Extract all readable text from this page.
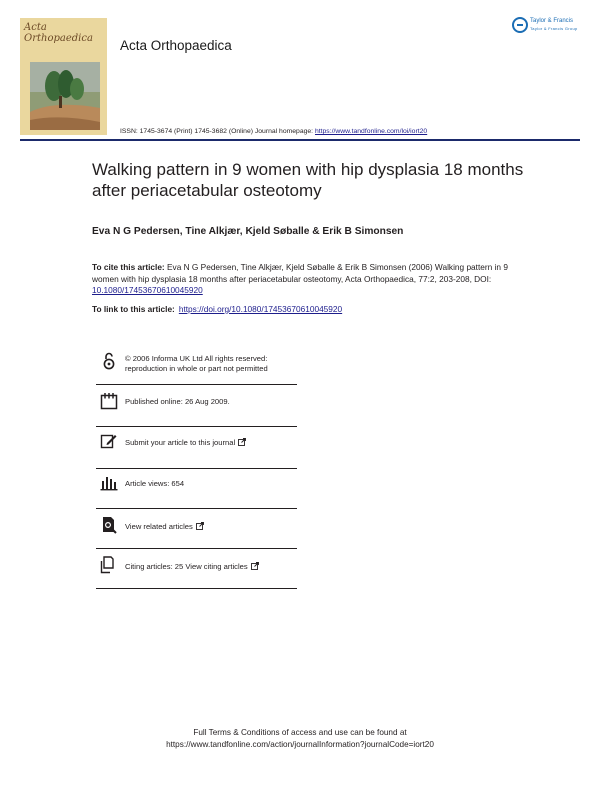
Acta
Orthopaedica	Acta Orthopaedica
Taylor & Francis
Taylor & Francis Group
ISSN: 1745-3674 (Print) 1745-3682 (Online) Journal homepage: https://www.tandfonline.com/loi/iort20
Walking pattern in 9 women with hip dysplasia 18 months after periacetabular osteotomy
Eva N G Pedersen, Tine Alkjær, Kjeld Søballe & Erik B Simonsen
To cite this article: Eva N G Pedersen, Tine Alkjær, Kjeld Søballe & Erik B Simonsen (2006) Walking pattern in 9 women with hip dysplasia 18 months after periacetabular osteotomy, Acta Orthopaedica, 77:2, 203-208, DOI: 10.1080/17453670610045920
To link to this article: https://doi.org/10.1080/17453670610045920
© 2006 Informa UK Ltd All rights reserved:
reproduction in whole or part not permitted
Published online: 26 Aug 2009.
Submit your article to this journal
Article views: 654
View related articles
Citing articles: 25 View citing articles
Full Terms & Conditions of access and use can be found at
https://www.tandfonline.com/action/journalInformation?journalCode=iort20
